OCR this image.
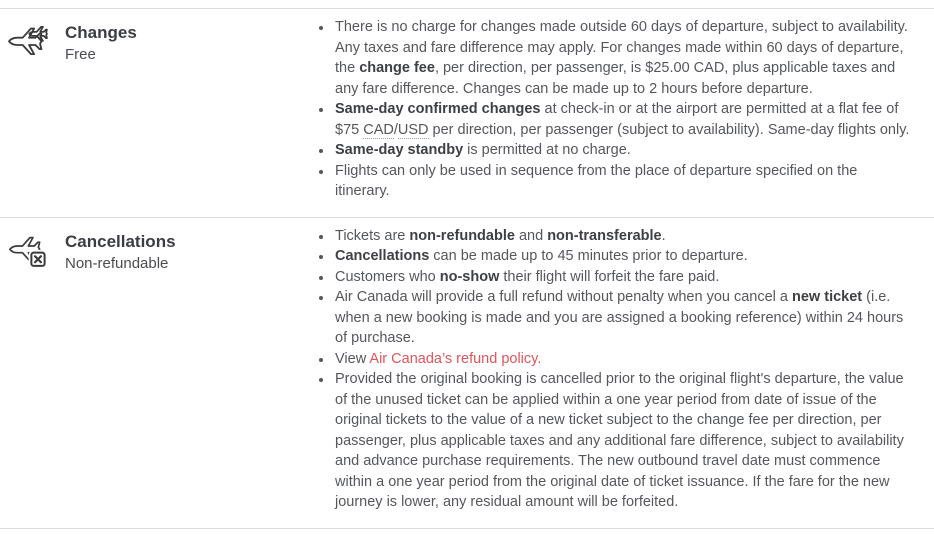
Changes
Free
• There is no charge for changes made outside 60 days of departure, subject to availability. Any taxes and fare difference may apply. For changes made within 60 days of departure, the change fee, per direction, per passenger, is $25.00 CAD, plus applicable taxes and any fare difference. Changes can be made up to 2 hours before departure.
• Same-day confirmed changes at check-in or at the airport are permitted at a flat fee of $75 CAD/USD per direction, per passenger (subject to availability). Same-day flights only.
• Same-day standby is permitted at no charge.
• Flights can only be used in sequence from the place of departure specified on the itinerary.
Cancellations
Non-refundable
• Tickets are non-refundable and non-transferable.
• Cancellations can be made up to 45 minutes prior to departure.
• Customers who no-show their flight will forfeit the fare paid.
• Air Canada will provide a full refund without penalty when you cancel a new ticket (i.e. when a new booking is made and you are assigned a booking reference) within 24 hours of purchase.
• View Air Canada’s refund policy.
• Provided the original booking is cancelled prior to the original flight's departure, the value of the unused ticket can be applied within a one year period from date of issue of the original tickets to the value of a new ticket subject to the change fee per direction, per passenger, plus applicable taxes and any additional fare difference, subject to availability and advance purchase requirements. The new outbound travel date must commence within a one year period from the original date of ticket issuance. If the fare for the new journey is lower, any residual amount will be forfeited.
